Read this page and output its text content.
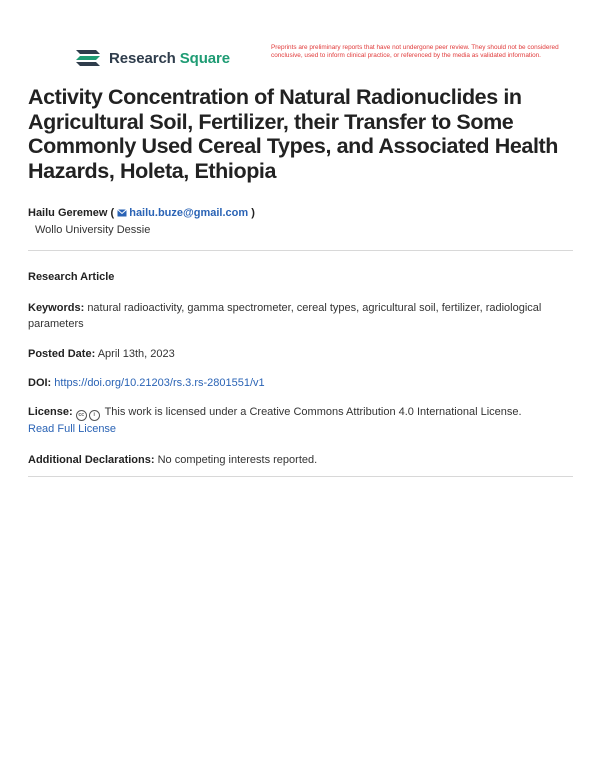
Research Square
Preprints are preliminary reports that have not undergone peer review. They should not be considered conclusive, used to inform clinical practice, or referenced by the media as validated information.
Activity Concentration of Natural Radionuclides in Agricultural Soil, Fertilizer, their Transfer to Some Commonly Used Cereal Types, and Associated Health Hazards, Holeta, Ethiopia
Hailu Geremew ( hailu.buze@gmail.com )
Wollo University Dessie
Research Article
Keywords: natural radioactivity, gamma spectrometer, cereal types, agricultural soil, fertilizer, radiological parameters
Posted Date: April 13th, 2023
DOI: https://doi.org/10.21203/rs.3.rs-2801551/v1
License: cc i This work is licensed under a Creative Commons Attribution 4.0 International License.
Read Full License
Additional Declarations: No competing interests reported.
